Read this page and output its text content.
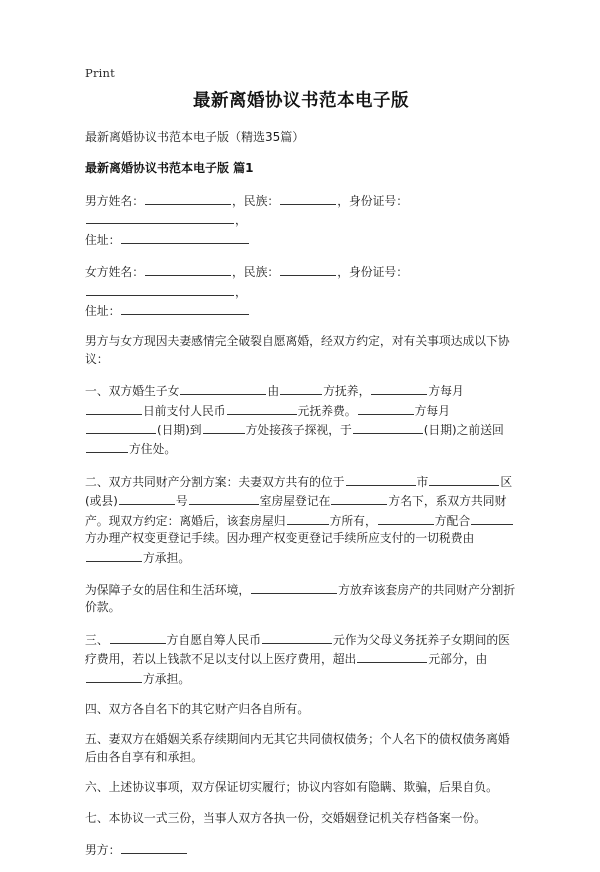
Print
最新离婚协议书范本电子版

最新离婚协议书范本电子版（精选35篇）

最新离婚协议书范本电子版 篇1

男方姓名：	，民族：	，身份证号：，
住址：

女方姓名：	，民族：	，身份证号：，
住址：

男方与女方现因夫妻感情完全破裂自愿离婚，经双方约定，对有关事项达成以下协议：

一、双方婚生子女	由	方抚养，	方每月日前支付人民币	元抚养费。	方每月(日期)到	方处接孩子探视，于	(日期)之前送回方住处。

二、双方共同财产分割方案：夫妻双方共有的位于	市	区(或县)	号	室房屋登记在	方名下，系双方共同财产。现双方约定：离婚后，该套房屋归	方所有，	方配合方办理产权变更登记手续。因办理产权变更登记手续所应支付的一切税费由方承担。

为保障子女的居住和生活环境，	方放弃该套房产的共同财产分割折价款。

三、	方自愿自筹人民币	元作为父母义务抚养子女期间的医疗费用，若以上钱款不足以支付以上医疗费用，超出	元部分，由方承担。

四、双方各自名下的其它财产归各自所有。

五、妻双方在婚姻关系存续期间内无其它共同债权债务；个人名下的债权债务离婚后由各自享有和承担。

六、上述协议事项，双方保证切实履行；协议内容如有隐瞒、欺骗，后果自负。

七、本协议一式三份，当事人双方各执一份，交婚姻登记机关存档备案一份。

男方：
